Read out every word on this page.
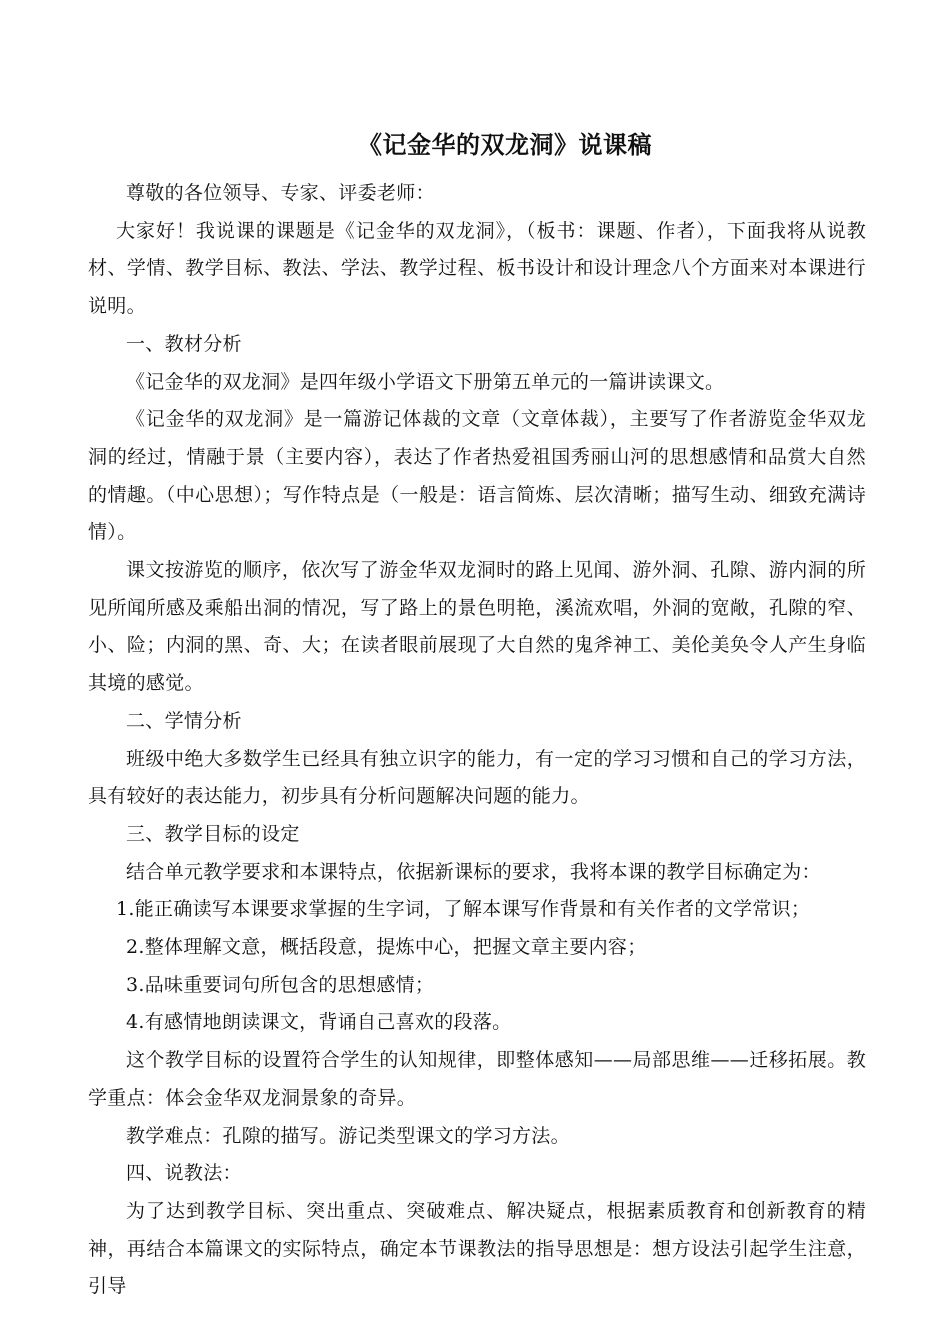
《记金华的双龙洞》说课稿

尊敬的各位领导、专家、评委老师：

大家好！我说课的课题是《记金华的双龙洞》，（板书：课题、作者），下面我将从说教材、学情、教学目标、教法、学法、教学过程、板书设计和设计理念八个方面来对本课进行说明。

一、教材分析

《记金华的双龙洞》是四年级小学语文下册第五单元的一篇讲读课文。

《记金华的双龙洞》是一篇游记体裁的文章（文章体裁），主要写了作者游览金华双龙洞的经过，情融于景（主要内容），表达了作者热爱祖国秀丽山河的思想感情和品赏大自然的情趣。（中心思想）；写作特点是（一般是：语言简炼、层次清晰；描写生动、细致充满诗情）。

课文按游览的顺序，依次写了游金华双龙洞时的路上见闻、游外洞、孔隙、游内洞的所见所闻所感及乘船出洞的情况，写了路上的景色明艳，溪流欢唱，外洞的宽敞，孔隙的窄、小、险；内洞的黑、奇、大；在读者眼前展现了大自然的鬼斧神工、美伦美奂令人产生身临其境的感觉。

二、学情分析

班级中绝大多数学生已经具有独立识字的能力，有一定的学习习惯和自己的学习方法，具有较好的表达能力，初步具有分析问题解决问题的能力。

三、教学目标的设定

结合单元教学要求和本课特点，依据新课标的要求，我将本课的教学目标确定为：

1.能正确读写本课要求掌握的生字词，了解本课写作背景和有关作者的文学常识；

2.整体理解文意，概括段意，提炼中心，把握文章主要内容；

3.品味重要词句所包含的思想感情；

4.有感情地朗读课文，背诵自己喜欢的段落。

这个教学目标的设置符合学生的认知规律，即整体感知——局部思维——迁移拓展。教学重点：体会金华双龙洞景象的奇异。

教学难点：孔隙的描写。游记类型课文的学习方法。

四、说教法：

为了达到教学目标、突出重点、突破难点、解决疑点，根据素质教育和创新教育的精神，再结合本篇课文的实际特点，确定本节课教法的指导思想是：想方设法引起学生注意，引导
